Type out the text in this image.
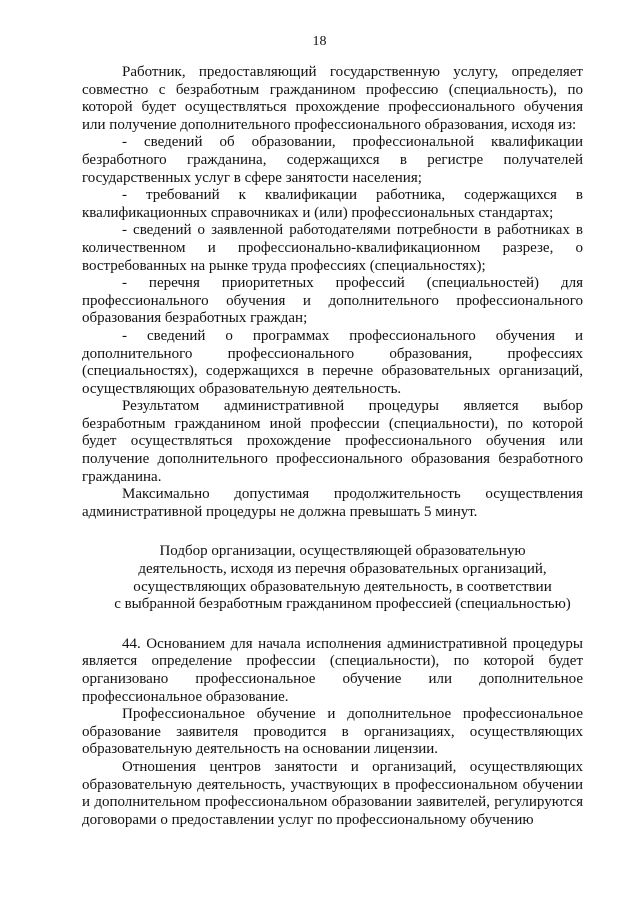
18

Работник, предоставляющий государственную услугу, определяет совместно с безработным гражданином профессию (специальность), по которой будет осуществляться прохождение профессионального обучения или получение дополнительного профессионального образования, исходя из:

- сведений об образовании, профессиональной квалификации безработного гражданина, содержащихся в регистре получателей государственных услуг в сфере занятости населения;

- требований к квалификации работника, содержащихся в квалификационных справочниках и (или) профессиональных стандартах;

- сведений о заявленной работодателями потребности в работниках в количественном и профессионально-квалификационном разрезе, о востребованных на рынке труда профессиях (специальностях);

- перечня приоритетных профессий (специальностей) для профессионального обучения и дополнительного профессионального образования безработных граждан;

- сведений о программах профессионального обучения и дополнительного профессионального образования, профессиях (специальностях), содержащихся в перечне образовательных организаций, осуществляющих образовательную деятельность.

Результатом административной процедуры является выбор безработным гражданином иной профессии (специальности), по которой будет осуществляться прохождение профессионального обучения или получение дополнительного профессионального образования безработного гражданина.

Максимально допустимая продолжительность осуществления административной процедуры не должна превышать 5 минут.

Подбор организации, осуществляющей образовательную
деятельность, исходя из перечня образовательных организаций,
осуществляющих образовательную деятельность, в соответствии
с выбранной безработным гражданином профессией (специальностью)

44. Основанием для начала исполнения административной процедуры является определение профессии (специальности), по которой будет организовано профессиональное обучение или дополнительное профессиональное образование.

Профессиональное обучение и дополнительное профессиональное образование заявителя проводится в организациях, осуществляющих образовательную деятельность на основании лицензии.

Отношения центров занятости и организаций, осуществляющих образовательную деятельность, участвующих в профессиональном обучении и дополнительном профессиональном образовании заявителей, регулируются договорами о предоставлении услуг по профессиональному обучению
